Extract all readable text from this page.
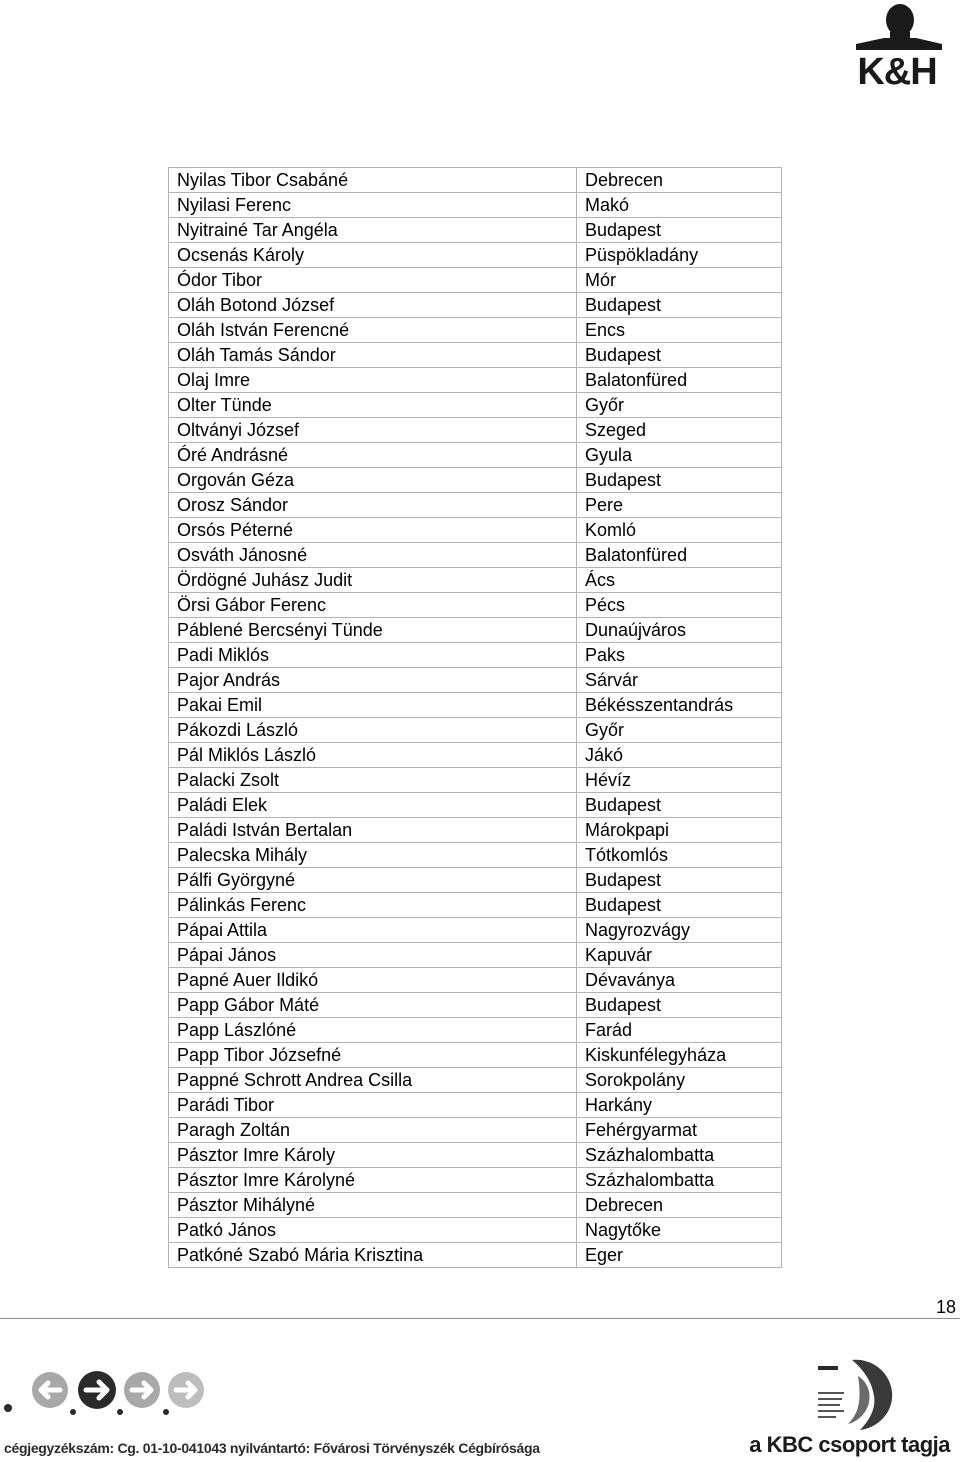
K&H
Nyilas Tibor Csabáné	Debrecen
Nyilasi Ferenc	Makó
Nyitrainé Tar Angéla	Budapest
Ocsenás Károly	Püspökladány
Ódor Tibor	Mór
Oláh Botond József	Budapest
Oláh István Ferencné	Encs
Oláh Tamás Sándor	Budapest
Olaj Imre	Balatonfüred
Olter Tünde	Győr
Oltványi József	Szeged
Óré Andrásné	Gyula
Orgován Géza	Budapest
Orosz Sándor	Pere
Orsós Péterné	Komló
Osváth Jánosné	Balatonfüred
Ördögné Juhász Judit	Ács
Örsi Gábor Ferenc	Pécs
Páblené Bercsényi Tünde	Dunaújváros
Padi Miklós	Paks
Pajor András	Sárvár
Pakai Emil	Békésszentandrás
Pákozdi László	Győr
Pál Miklós László	Jákó
Palacki Zsolt	Hévíz
Paládi Elek	Budapest
Paládi István Bertalan	Márokpapi
Palecska Mihály	Tótkomlós
Pálfi Györgyné	Budapest
Pálinkás Ferenc	Budapest
Pápai Attila	Nagyrozvágy
Pápai János	Kapuvár
Papné Auer Ildikó	Dévaványa
Papp Gábor Máté	Budapest
Papp Lászlóné	Farád
Papp Tibor Józsefné	Kiskunfélegyháza
Pappné Schrott Andrea Csilla	Sorokpolány
Parádi Tibor	Harkány
Paragh Zoltán	Fehérgyarmat
Pásztor Imre Károly	Százhalombatta
Pásztor Imre Károlyné	Százhalombatta
Pásztor Mihályné	Debrecen
Patkó János	Nagytőke
Patkóné Szabó Mária Krisztina	Eger
18
cégjegyzékszám: Cg. 01-10-041043 nyilvántartó: Fővárosi Törvényszék Cégbírósága	a KBC csoport tagja
